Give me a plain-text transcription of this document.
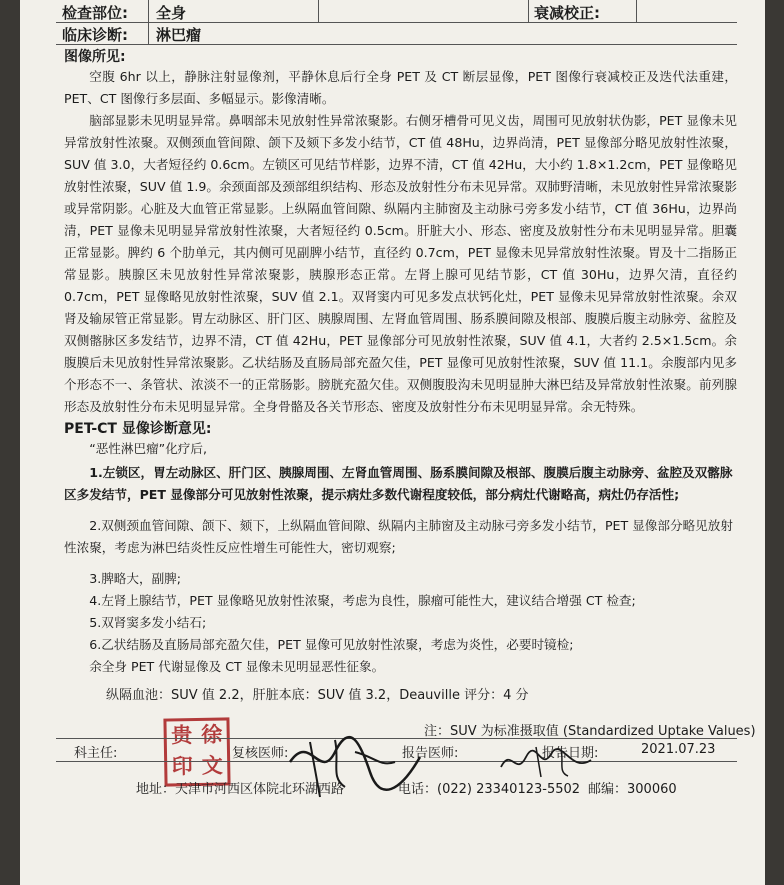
检查部位: 全身	衰减校正:
临床诊断: 淋巴瘤
图像所见:

空腹 6hr 以上，静脉注射显像剂，平静休息后行全身 PET 及 CT 断层显像，PET 图像行衰减校正及迭代法重建，PET、CT 图像行多层面、多幅显示。影像清晰。

脑部显影未见明显异常。鼻咽部未见放射性异常浓聚影。右侧牙槽骨可见义齿，周围可见放射状伪影，PET 显像未见异常放射性浓聚。双侧颈血管间隙、颌下及颏下多发小结节，CT 值 48Hu，边界尚清，PET 显像部分略见放射性浓聚，SUV 值 3.0，大者短径约 0.6cm。左锁区可见结节样影，边界不清，CT 值 42Hu，大小约 1.8×1.2cm，PET 显像略见放射性浓聚，SUV 值 1.9。余颈面部及颈部组织结构、形态及放射性分布未见异常。双肺野清晰，未见放射性异常浓聚影或异常阴影。心脏及大血管正常显影。上纵隔血管间隙、纵隔内主肺窗及主动脉弓旁多发小结节，CT 值 36Hu，边界尚清，PET 显像未见明显异常放射性浓聚，大者短径约 0.5cm。肝脏大小、形态、密度及放射性分布未见明显异常。胆囊正常显影。脾约 6 个肋单元，其内侧可见副脾小结节，直径约 0.7cm，PET 显像未见异常放射性浓聚。胃及十二指肠正常显影。胰腺区未见放射性异常浓聚影，胰腺形态正常。左肾上腺可见结节影，CT 值 30Hu，边界欠清，直径约 0.7cm，PET 显像略见放射性浓聚，SUV 值 2.1。双肾窦内可见多发点状钙化灶，PET 显像未见异常放射性浓聚。余双肾及输尿管正常显影。胃左动脉区、肝门区、胰腺周围、左肾血管周围、肠系膜间隙及根部、腹膜后腹主动脉旁、盆腔及双侧髂脉区多发结节，边界不清，CT 值 42Hu，PET 显像部分可见放射性浓聚，SUV 值 4.1，大者约 2.5×1.5cm。余腹膜后未见放射性异常浓聚影。乙状结肠及直肠局部充盈欠佳，PET 显像可见放射性浓聚，SUV 值 11.1。余腹部内见多个形态不一、条管状、浓淡不一的正常肠影。膀胱充盈欠佳。双侧腹股沟未见明显肿大淋巴结及异常放射性浓聚。前列腺形态及放射性分布未见明显异常。全身骨骼及各关节形态、密度及放射性分布未见明显异常。余无特殊。

PET-CT 显像诊断意见:

“恶性淋巴瘤”化疗后,

1.左锁区，胃左动脉区、肝门区、胰腺周围、左肾血管周围、肠系膜间隙及根部、腹膜后腹主动脉旁、盆腔及双髂脉区多发结节，PET 显像部分可见放射性浓聚，提示病灶多数代谢程度较低，部分病灶代谢略高，病灶仍存活性;

2.双侧颈血管间隙、颌下、颏下，上纵隔血管间隙、纵隔内主肺窗及主动脉弓旁多发小结节，PET 显像部分略见放射性浓聚，考虑为淋巴结炎性反应性增生可能性大，密切观察;

3.脾略大，副脾;

4.左肾上腺结节，PET 显像略见放射性浓聚，考虑为良性，腺瘤可能性大，建议结合增强 CT 检查;

5.双肾窦多发小结石;

6.乙状结肠及直肠局部充盈欠佳，PET 显像可见放射性浓聚，考虑为炎性，必要时镜检;

余全身 PET 代谢显像及 CT 显像未见明显恶性征象。

纵隔血池：SUV 值 2.2，肝脏本底：SUV 值 3.2，Deauville 评分：4 分
注：SUV 为标准摄取值 (Standardized Uptake Values)
贵 徐
印 文
科主任:	复核医师:	报告医师:	报告日期:	2021.07.23
地址：天津市河西区体院北环湖西路	电话：(022) 23340123-5502 邮编：300060
